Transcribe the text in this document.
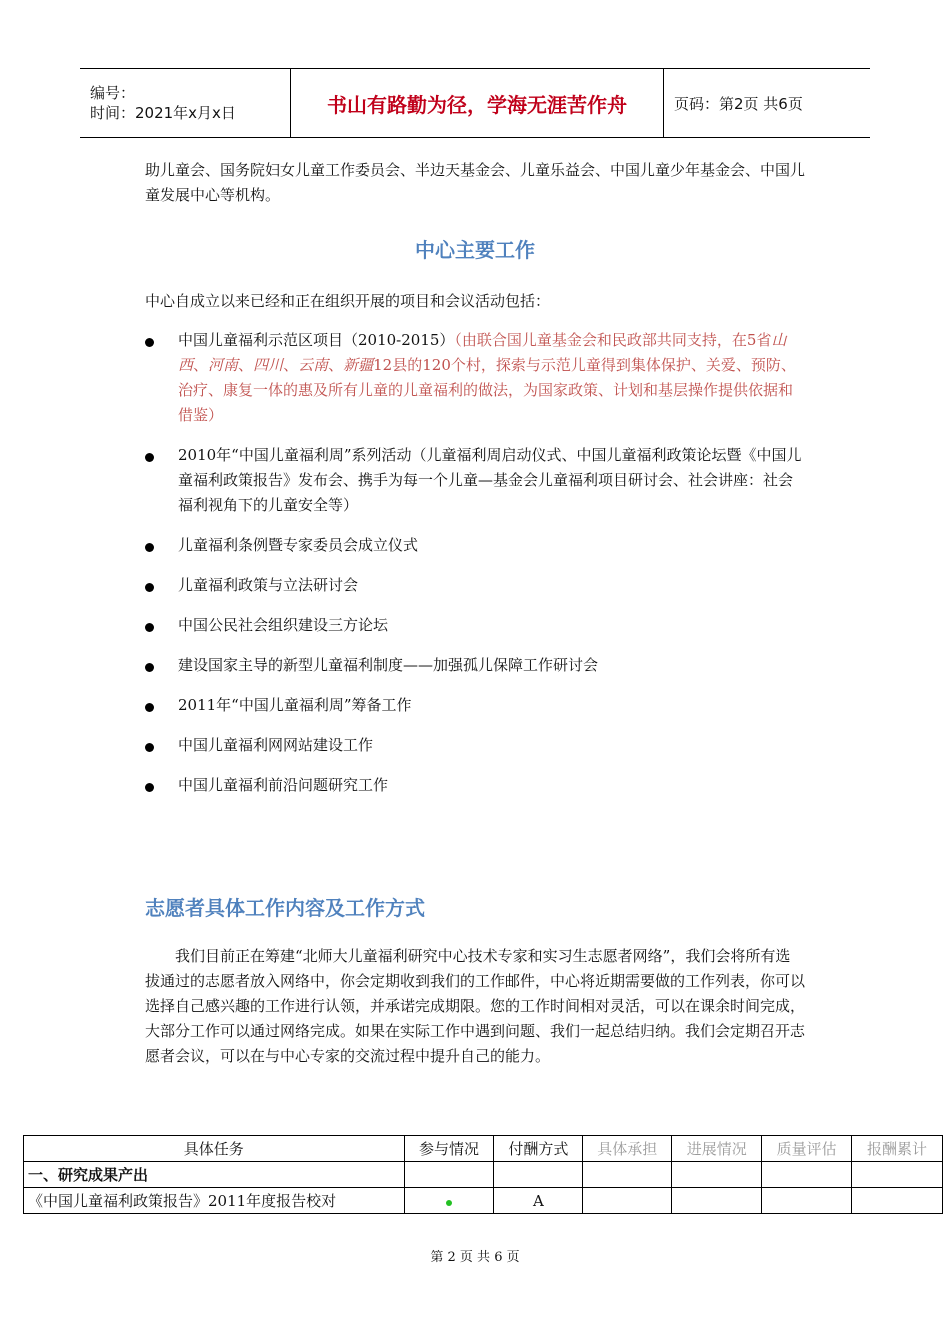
编号：
时间：2021年x月x日	书山有路勤为径，学海无涯苦作舟	页码：第2页 共6页
助儿童会、国务院妇女儿童工作委员会、半边天基金会、儿童乐益会、中国儿童少年基金会、中国儿童发展中心等机构。
中心主要工作
中心自成立以来已经和正在组织开展的项目和会议活动包括：
中国儿童福利示范区项目（2010-2015）（由联合国儿童基金会和民政部共同支持，在5省山西、河南、四川、云南、新疆12县的120个村，探索与示范儿童得到集体保护、关爱、预防、治疗、康复一体的惠及所有儿童的儿童福利的做法，为国家政策、计划和基层操作提供依据和借鉴）
2010年“中国儿童福利周”系列活动（儿童福利周启动仪式、中国儿童福利政策论坛暨《中国儿童福利政策报告》发布会、携手为每一个儿童—基金会儿童福利项目研讨会、社会讲座：社会福利视角下的儿童安全等）
儿童福利条例暨专家委员会成立仪式
儿童福利政策与立法研讨会
中国公民社会组织建设三方论坛
建设国家主导的新型儿童福利制度——加强孤儿保障工作研讨会
2011年“中国儿童福利周”筹备工作
中国儿童福利网网站建设工作
中国儿童福利前沿问题研究工作
志愿者具体工作内容及工作方式
我们目前正在筹建“北师大儿童福利研究中心技术专家和实习生志愿者网络”，我们会将所有选拔通过的志愿者放入网络中，你会定期收到我们的工作邮件，中心将近期需要做的工作列表，你可以选择自己感兴趣的工作进行认领，并承诺完成期限。您的工作时间相对灵活，可以在课余时间完成，大部分工作可以通过网络完成。如果在实际工作中遇到问题、我们一起总结归纳。我们会定期召开志愿者会议，可以在与中心专家的交流过程中提升自己的能力。
具体任务	参与情况	付酬方式	具体承担	进展情况	质量评估	报酬累计
一、研究成果产出						
《中国儿童福利政策报告》2011年度报告校对		A				
第 2 页 共 6 页
